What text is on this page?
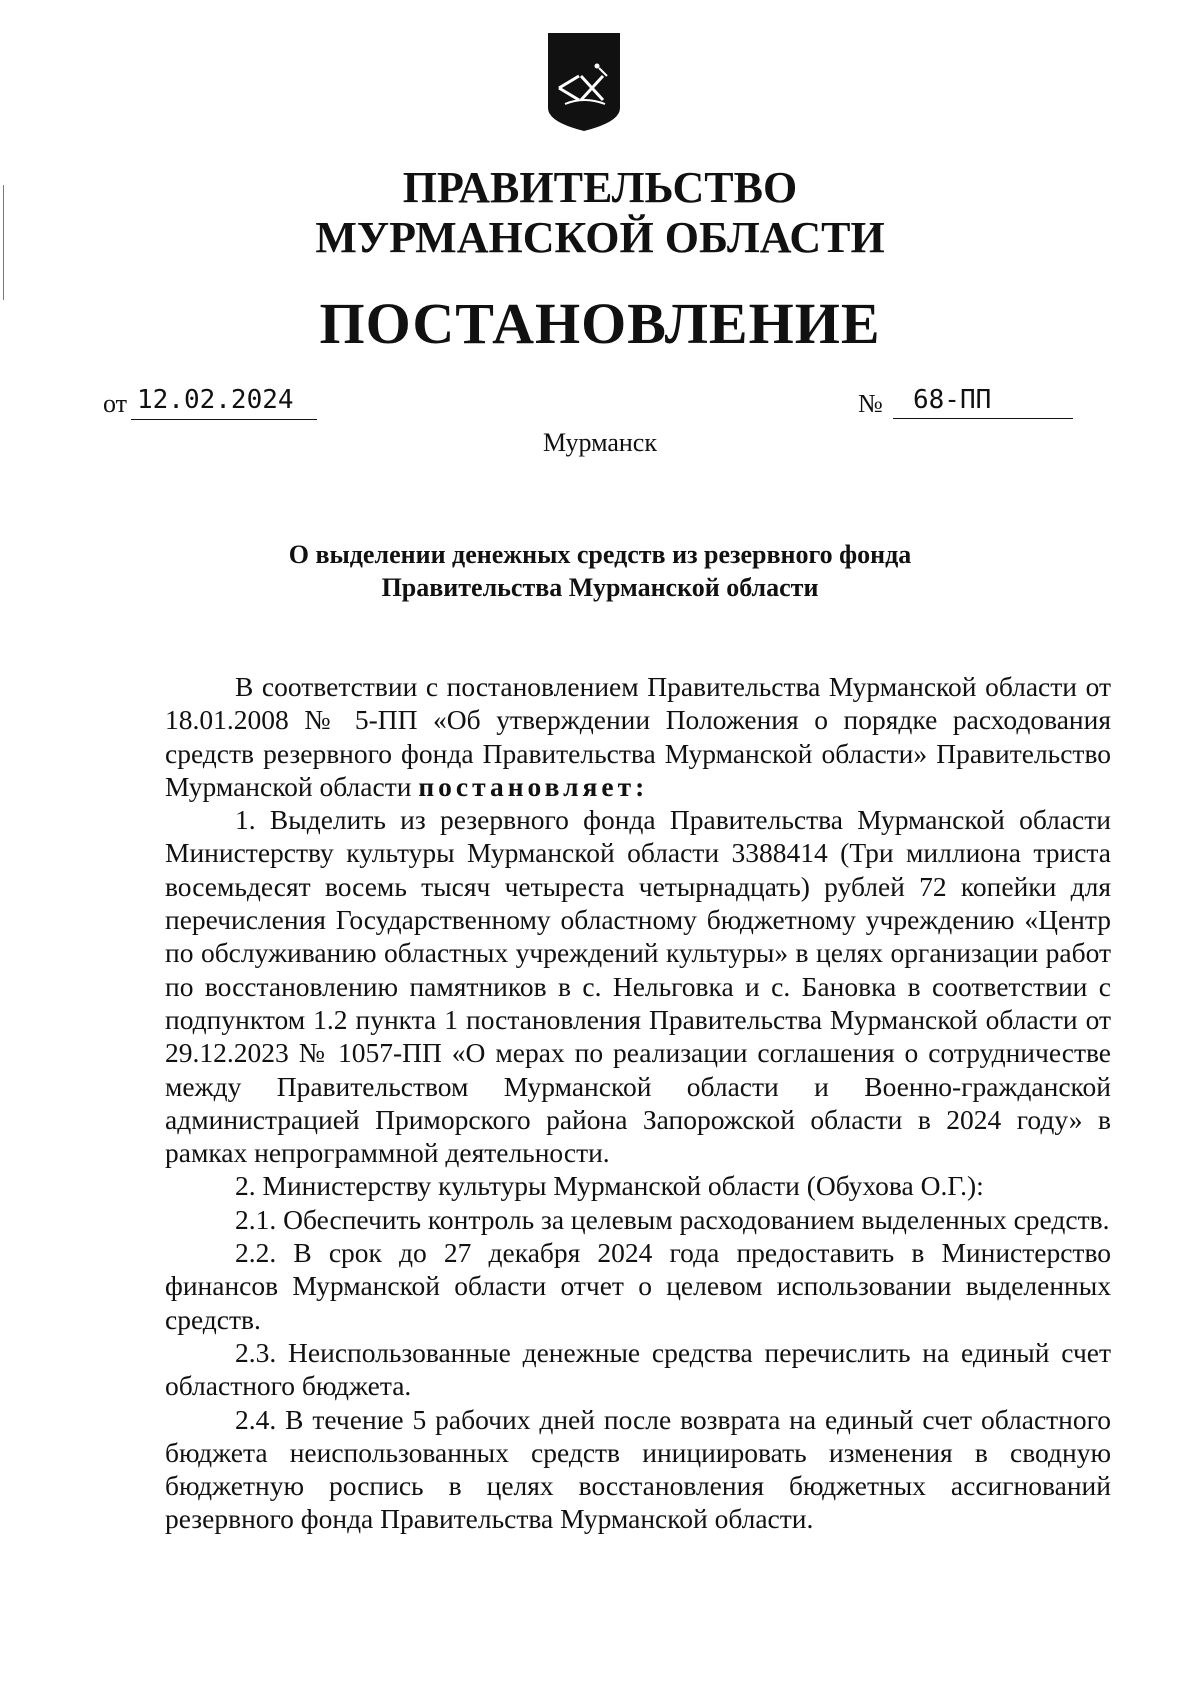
ПРАВИТЕЛЬСТВО
МУРМАНСКОЙ ОБЛАСТИ
ПОСТАНОВЛЕНИЕ
от 12.02.2024	№	68-ПП
Мурманск
О выделении денежных средств из резервного фонда
Правительства Мурманской области

В соответствии с постановлением Правительства Мурманской области от 18.01.2008 № 5-ПП «Об утверждении Положения о порядке расходования средств резервного фонда Правительства Мурманской области» Правительство Мурманской области постановляет:

1. Выделить из резервного фонда Правительства Мурманской области Министерству культуры Мурманской области 3388414 (Три миллиона триста восемьдесят восемь тысяч четыреста четырнадцать) рублей 72 копейки для перечисления Государственному областному бюджетному учреждению «Центр по обслуживанию областных учреждений культуры» в целях организации работ по восстановлению памятников в с. Нельговка и с. Бановка в соответствии с подпунктом 1.2 пункта 1 постановления Правительства Мурманской области от 29.12.2023 № 1057-ПП «О мерах по реализации соглашения о сотрудничестве между Правительством Мурманской области и Военно-гражданской администрацией Приморского района Запорожской области в 2024 году» в рамках непрограммной деятельности.

2. Министерству культуры Мурманской области (Обухова О.Г.):

2.1. Обеспечить контроль за целевым расходованием выделенных средств.

2.2. В срок до 27 декабря 2024 года предоставить в Министерство финансов Мурманской области отчет о целевом использовании выделенных средств.

2.3. Неиспользованные денежные средства перечислить на единый счет областного бюджета.

2.4. В течение 5 рабочих дней после возврата на единый счет областного бюджета неиспользованных средств инициировать изменения в сводную бюджетную роспись в целях восстановления бюджетных ассигнований резервного фонда Правительства Мурманской области.
